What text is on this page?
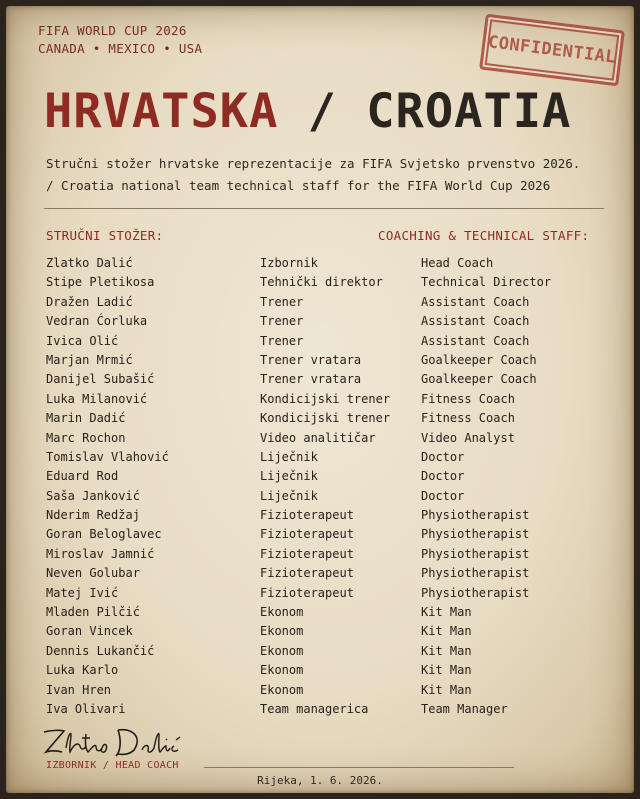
FIFA WORLD CUP 2026
CANADA • MEXICO • USA	CONFIDENTIAL
HRVATSKA / CROATIA
Stručni stožer hrvatske reprezentacije za FIFA Svjetsko prvenstvo 2026.
/ Croatia national team technical staff for the FIFA World Cup 2026
STRUČNI STOŽER:	COACHING & TECHNICAL STAFF:
Zlatko Dalić	Izbornik	Head Coach
Stipe Pletikosa	Tehnički direktor	Technical Director
Dražen Ladić	Trener	Assistant Coach
Vedran Ćorluka	Trener	Assistant Coach
Ivica Olić	Trener	Assistant Coach
Marjan Mrmić	Trener vratara	Goalkeeper Coach
Danijel Subašić	Trener vratara	Goalkeeper Coach
Luka Milanović	Kondicijski trener	Fitness Coach
Marin Dadić	Kondicijski trener	Fitness Coach
Marc Rochon	Video analitičar	Video Analyst
Tomislav Vlahović	Liječnik	Doctor
Eduard Rod	Liječnik	Doctor
Saša Janković	Liječnik	Doctor
Nderim Redžaj	Fizioterapeut	Physiotherapist
Goran Beloglavec	Fizioterapeut	Physiotherapist
Miroslav Jamnić	Fizioterapeut	Physiotherapist
Neven Golubar	Fizioterapeut	Physiotherapist
Matej Ivić	Fizioterapeut	Physiotherapist
Mladen Pilčić	Ekonom	Kit Man
Goran Vincek	Ekonom	Kit Man
Dennis Lukančić	Ekonom	Kit Man
Luka Karlo	Ekonom	Kit Man
Ivan Hren	Ekonom	Kit Man
Iva Olivari	Team managerica	Team Manager
IZBORNIK / HEAD COACH
Rijeka, 1. 6. 2026.
